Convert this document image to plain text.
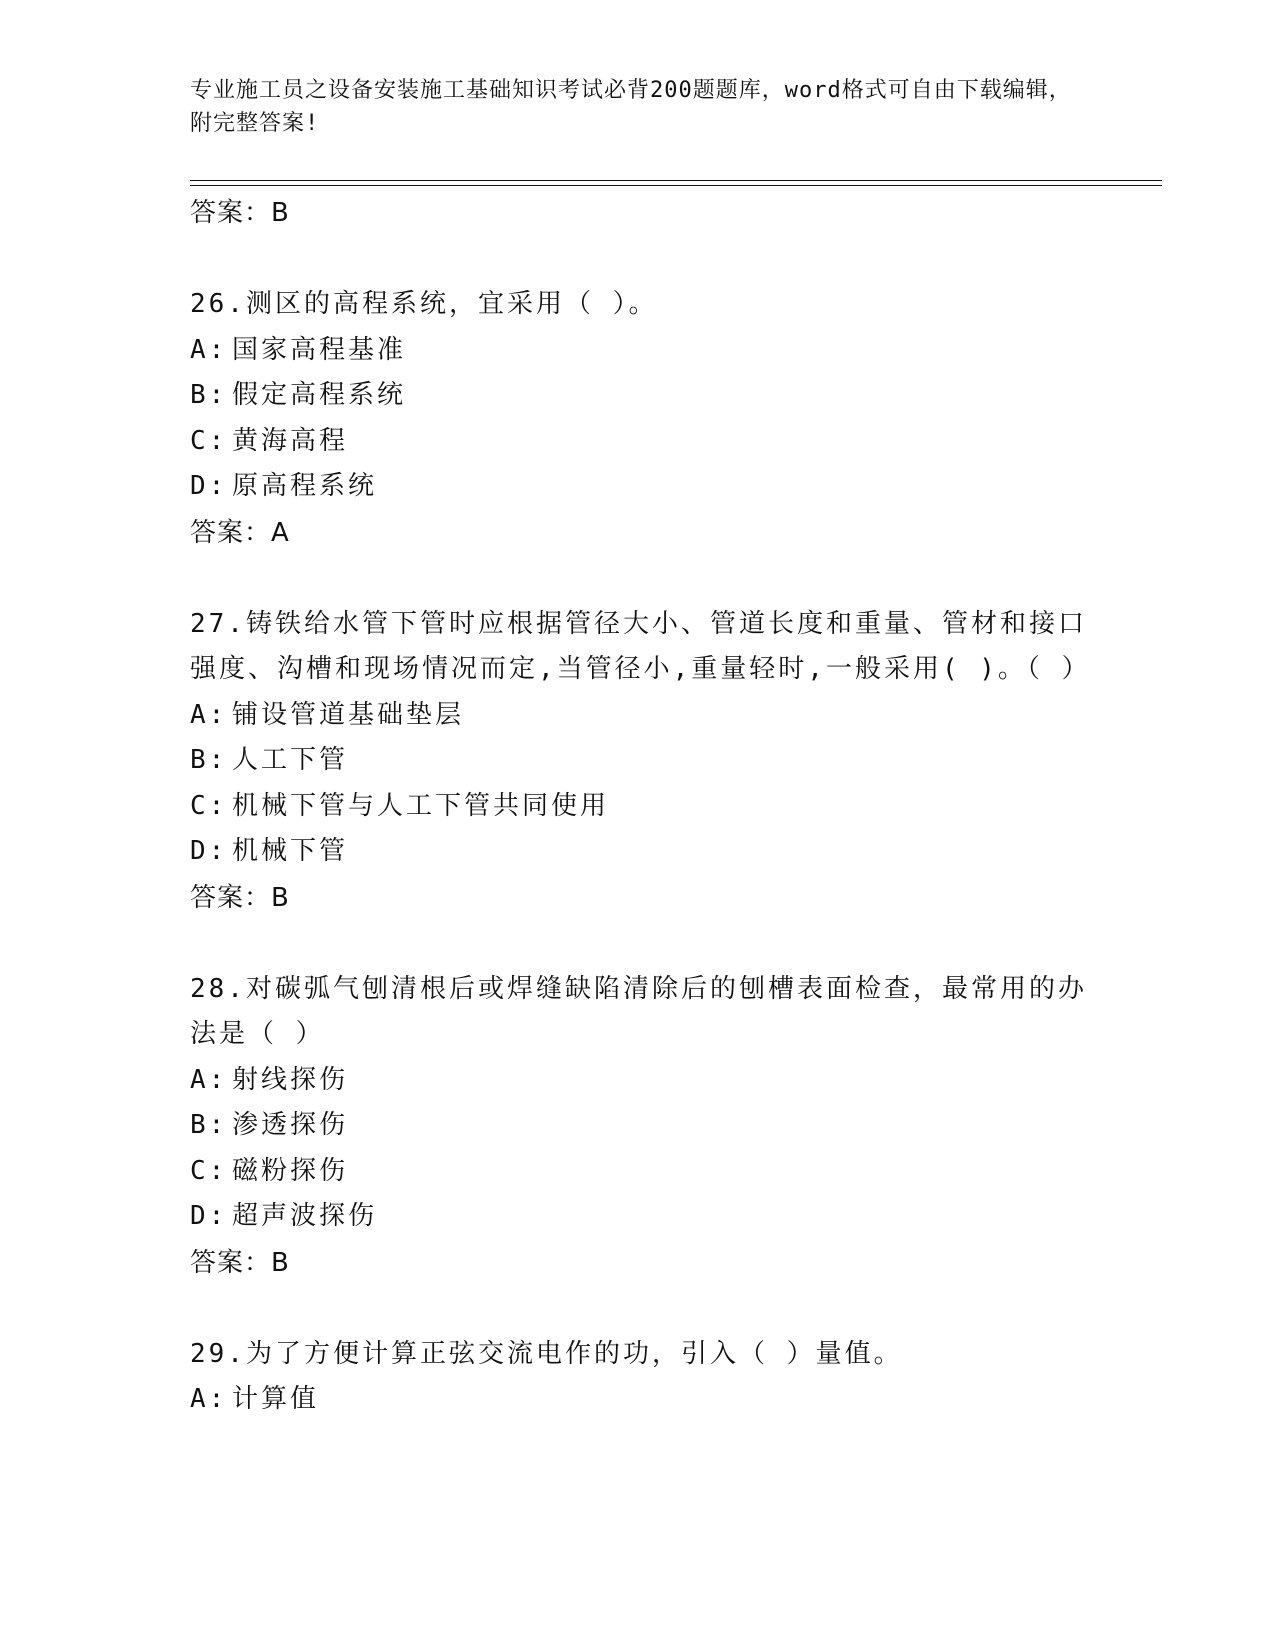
专业施工员之设备安装施工基础知识考试必背200题题库，word格式可自由下载编辑，附完整答案!
答案：B
26.测区的高程系统，宜采用（ ）。
A: 国家高程基准
B: 假定高程系统
C: 黄海高程
D: 原高程系统
答案：A
27.铸铁给水管下管时应根据管径大小、管道长度和重量、管材和接口强度、沟槽和现场情况而定,当管径小,重量轻时,一般采用( )。（ ）
A: 铺设管道基础垫层
B: 人工下管
C: 机械下管与人工下管共同使用
D: 机械下管
答案：B
28.对碳弧气刨清根后或焊缝缺陷清除后的刨槽表面检查，最常用的办法是（ ）
A: 射线探伤
B: 渗透探伤
C: 磁粉探伤
D: 超声波探伤
答案：B
29.为了方便计算正弦交流电作的功，引入（ ）量值。
A: 计算值
